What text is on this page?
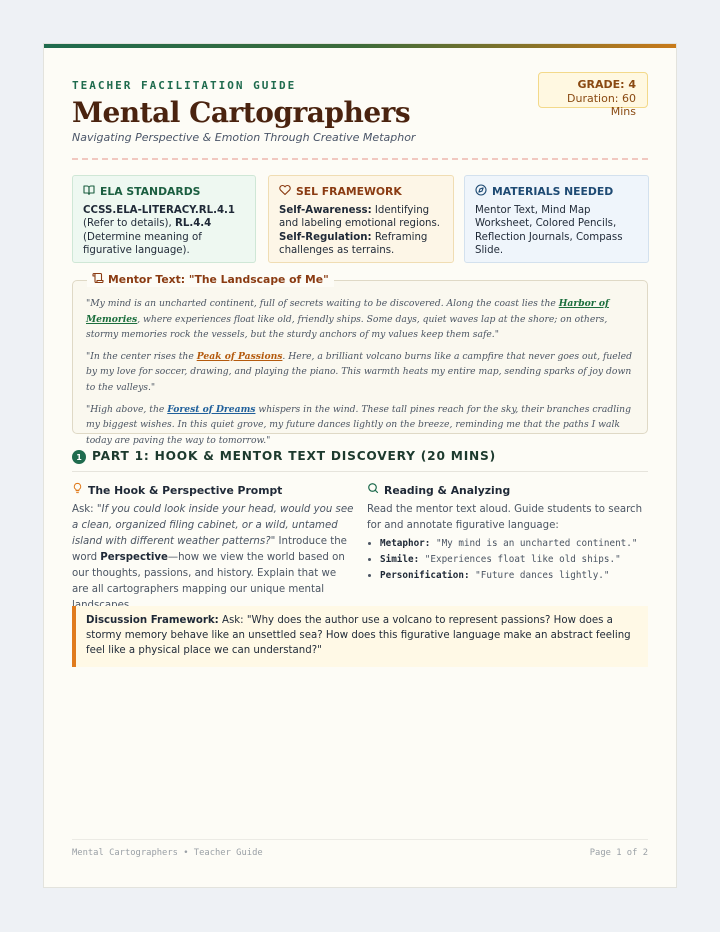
TEACHER FACILITATION GUIDE
Mental Cartographers
Navigating Perspective & Emotion Through Creative Metaphor
GRADE: 4
Duration: 60 Mins
ELA STANDARDS
CCSS.ELA-LITERACY.RL.4.1 (Refer to details), RL.4.4 (Determine meaning of figurative language).
SEL FRAMEWORK
Self-Awareness: Identifying and labeling emotional regions. Self-Regulation: Reframing challenges as terrains.
MATERIALS NEEDED
Mentor Text, Mind Map Worksheet, Colored Pencils, Reflection Journals, Compass Slide.
Mentor Text: "The Landscape of Me"

"My mind is an uncharted continent, full of secrets waiting to be discovered. Along the coast lies the Harbor of Memories, where experiences float like old, friendly ships. Some days, quiet waves lap at the shore; on others, stormy memories rock the vessels, but the sturdy anchors of my values keep them safe."

"In the center rises the Peak of Passions. Here, a brilliant volcano burns like a campfire that never goes out, fueled by my love for soccer, drawing, and playing the piano. This warmth heats my entire map, sending sparks of joy down to the valleys."

"High above, the Forest of Dreams whispers in the wind. These tall pines reach for the sky, their branches cradling my biggest wishes. In this quiet grove, my future dances lightly on the breeze, reminding me that the paths I walk today are paving the way to tomorrow."

1 PART 1: HOOK & MENTOR TEXT DISCOVERY (20 MINS)
The Hook & Perspective Prompt
Ask: "If you could look inside your head, would you see a clean, organized filing cabinet, or a wild, untamed island with different weather patterns?" Introduce the word Perspective—how we view the world based on our thoughts, passions, and history. Explain that we are all cartographers mapping our unique mental
Reading & Analyzing
Read the mentor text aloud. Guide students to search for and annotate figurative language:
• Metaphor: "My mind is an uncharted continent."
• Simile: "Experiences float like old ships."
• Personification: "Future dances lightly."
Discussion Framework: Ask: "Why does the author use a volcano to represent passions? How does a stormy memory behave like an unsettled sea? How does this figurative language make an abstract feeling feel like a physical place we can understand?"
Mental Cartographers • Teacher Guide	Page 1 of 2
